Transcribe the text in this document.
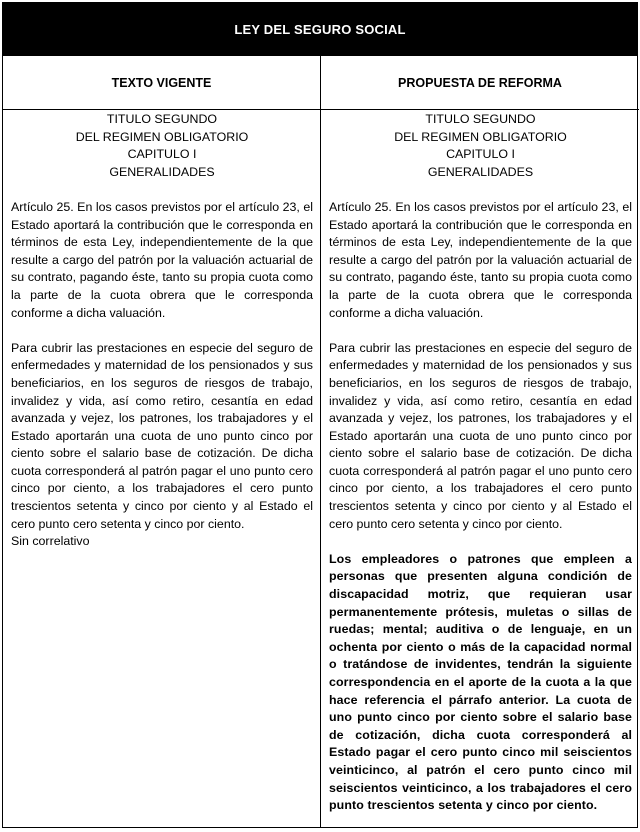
LEY DEL SEGURO SOCIAL
TEXTO VIGENTE	PROPUESTA DE REFORMA
TITULO SEGUNDO
DEL REGIMEN OBLIGATORIO
CAPITULO I
GENERALIDADES
Artículo 25. En los casos previstos por el artículo 23, el Estado aportará la contribución que le corresponda en términos de esta Ley, independientemente de la que resulte a cargo del patrón por la valuación actuarial de su contrato, pagando éste, tanto su propia cuota como la parte de la cuota obrera que le corresponda conforme a dicha valuación.
Para cubrir las prestaciones en especie del seguro de enfermedades y maternidad de los pensionados y sus beneficiarios, en los seguros de riesgos de trabajo, invalidez y vida, así como retiro, cesantía en edad avanzada y vejez, los patrones, los trabajadores y el Estado aportarán una cuota de uno punto cinco por ciento sobre el salario base de cotización. De dicha cuota corresponderá al patrón pagar el uno punto cero cinco por ciento, a los trabajadores el cero punto trescientos setenta y cinco por ciento y al Estado el cero punto cero setenta y cinco por ciento.
Sin correlativo
TITULO SEGUNDO
DEL REGIMEN OBLIGATORIO
CAPITULO I
GENERALIDADES
Artículo 25. En los casos previstos por el artículo 23, el Estado aportará la contribución que le corresponda en términos de esta Ley, independientemente de la que resulte a cargo del patrón por la valuación actuarial de su contrato, pagando éste, tanto su propia cuota como la parte de la cuota obrera que le corresponda conforme a dicha valuación.
Para cubrir las prestaciones en especie del seguro de enfermedades y maternidad de los pensionados y sus beneficiarios, en los seguros de riesgos de trabajo, invalidez y vida, así como retiro, cesantía en edad avanzada y vejez, los patrones, los trabajadores y el Estado aportarán una cuota de uno punto cinco por ciento sobre el salario base de cotización. De dicha cuota corresponderá al patrón pagar el uno punto cero cinco por ciento, a los trabajadores el cero punto trescientos setenta y cinco por ciento y al Estado el cero punto cero setenta y cinco por ciento.
Los empleadores o patrones que empleen a personas que presenten alguna condición de discapacidad motriz, que requieran usar permanentemente prótesis, muletas o sillas de ruedas; mental; auditiva o de lenguaje, en un ochenta por ciento o más de la capacidad normal o tratándose de invidentes, tendrán la siguiente correspondencia en el aporte de la cuota a la que hace referencia el párrafo anterior. La cuota de uno punto cinco por ciento sobre el salario base de cotización, dicha cuota corresponderá al Estado pagar el cero punto cinco mil seiscientos veinticinco, al patrón el cero punto cinco mil seiscientos veinticinco, a los trabajadores el cero punto trescientos setenta y cinco por ciento.
